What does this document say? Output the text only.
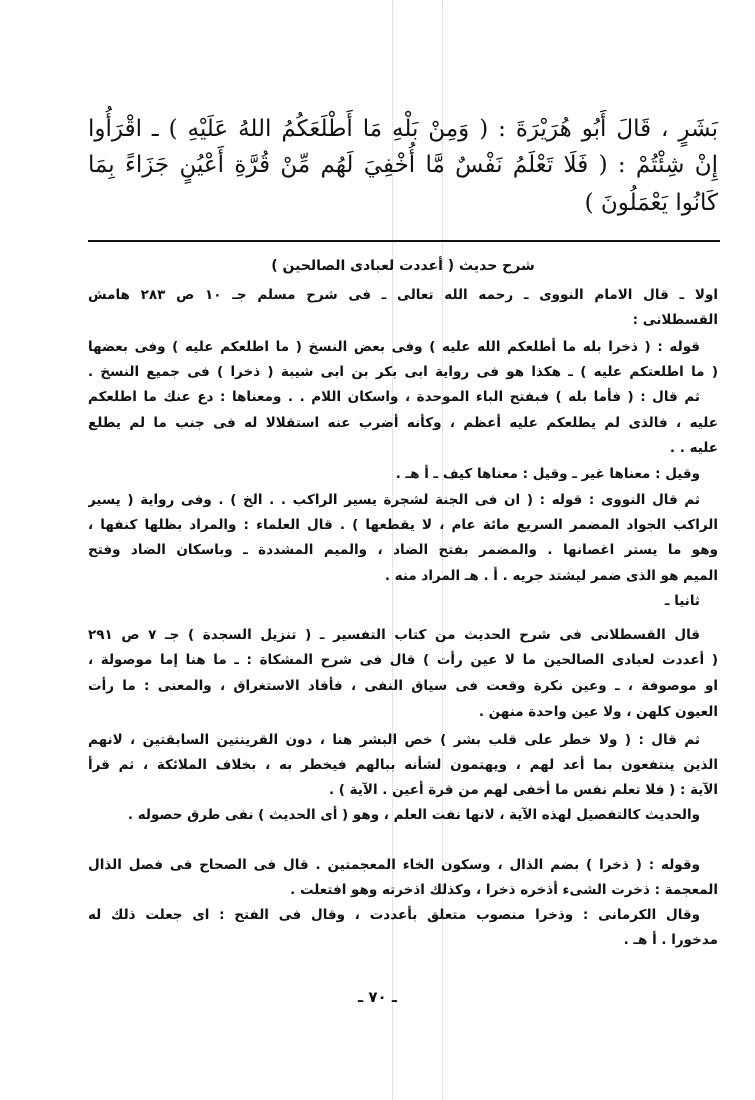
بَشَرٍ ، قَالَ أَبُو هُرَيْرَةَ : ( وَمِنْ بَلْهِ مَا أَطْلَعَكُمُ اللهُ عَلَيْهِ ) ـ اقْرَأُوا
إِنْ شِئْتُمْ : ( فَلَا تَعْلَمُ نَفْسٌ مَّا أُخْفِيَ لَهُم مِّنْ قُرَّةِ أَعْيُنٍ جَزَاءً بِمَا
كَانُوا يَعْمَلُونَ )
شرح حديث ( أعددت لعبادى الصالحين )
اولا ـ قال الامام النووى ـ رحمه الله تعالى ـ فى شرح مسلم جـ ١٠ ص ٢٨٣ هامش
القسطلانى :
قوله : ( ذخرا بله ما أطلعكم الله عليه ) وفى بعض النسخ ( ما اطلعكم عليه ) وفى بعضها
( ما اطلعتكم عليه ) ـ هكذا هو فى رواية ابى بكر بن ابى شيبة ( ذخرا ) فى جميع النسخ .
ثم قال : ( فأما بله ) فبفتح الباء الموحدة ، واسكان اللام . . ومعناها : دع عنك ما اطلعكم
عليه ، فالذى لم يطلعكم عليه أعظم ، وكأنه أضرب عنه استقلالا له فى جنب ما لم يطلع
عليه . .
وقيل : معناها غير ـ وقيل : معناها كيف ـ أ هـ .
ثم قال النووى : قوله : ( ان فى الجنة لشجرة يسير الراكب . . الخ ) . وفى رواية ( يسير
الراكب الجواد المضمر السريع مائة عام ، لا يقطعها ) . قال العلماء : والمراد بظلها كنفها ،
وهو ما يستر اغصانها . والمضمر بفتح الضاد ، والميم المشددة ـ وباسكان الضاد وفتح
الميم هو الذى ضمر ليشتد جريه . أ . هـ المراد منه .
ثانيا ـ
قال القسطلانى فى شرح الحديث من كتاب التفسير ـ ( تنزيل السجدة ) جـ ٧ ص ٢٩١
( أعددت لعبادى الصالحين ما لا عين رأت ) قال فى شرح المشكاة : ـ ما هنا إما موصولة ،
او موصوفة ، ـ وعين نكرة وقعت فى سياق النفى ، فأفاد الاستغراق ، والمعنى : ما رأت
العيون كلهن ، ولا عين واحدة منهن .
ثم قال : ( ولا خطر على قلب بشر ) خص البشر هنا ، دون القرينتين السابقتين ، لانهم
الذين ينتفعون بما أعد لهم ، ويهتمون لشأنه ببالهم فيخطر به ، بخلاف الملائكة ، ثم قرأ
الآية : ( فلا تعلم نفس ما أخفى لهم من قرة أعين . الآية ) .
والحديث كالتفصيل لهذه الآية ، لانها نفت العلم ، وهو ( أى الحديث ) نفى طرق حصوله .
وقوله : ( ذخرا ) بضم الذال ، وسكون الخاء المعجمتين . قال فى الصحاح فى فصل الذال
المعجمة : ذخرت الشىء أذخره ذخرا ، وكذلك اذخرته وهو افتعلت .
وقال الكرمانى : وذخرا منصوب متعلق بأعددت ، وقال فى الفتح : اى جعلت ذلك له
مدخورا . أ هـ .
ـ ٧٠ ـ
